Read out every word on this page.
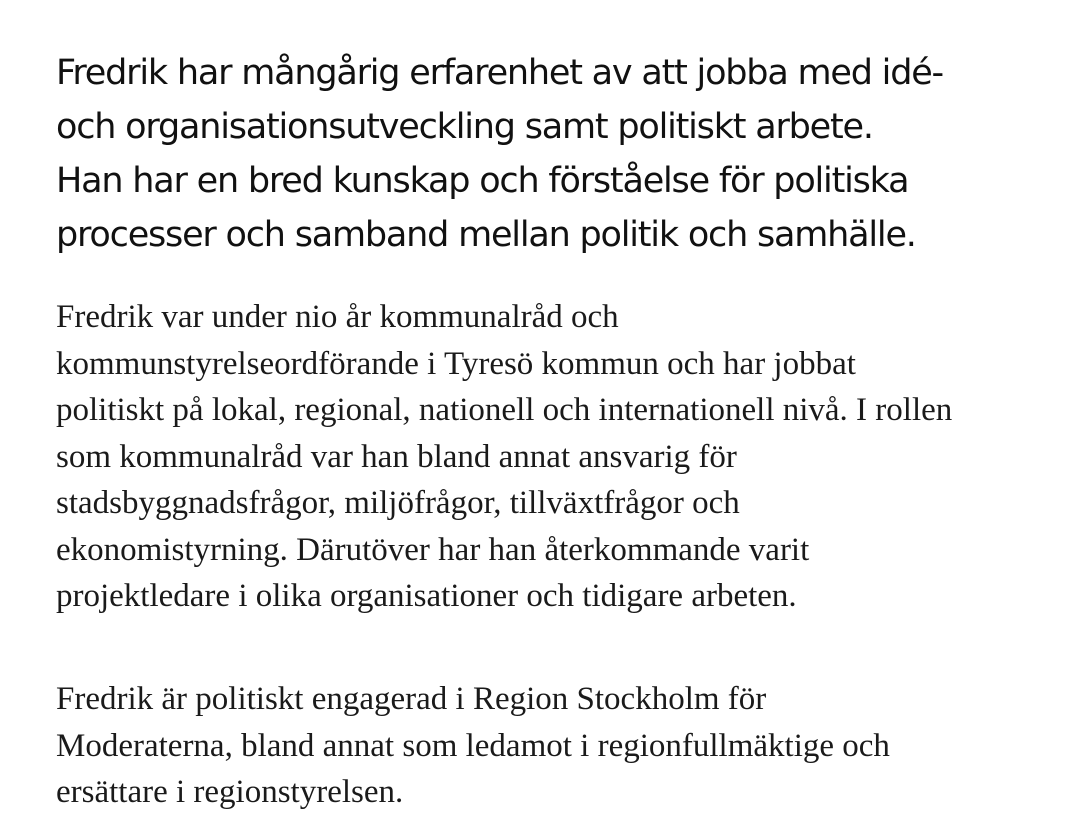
Fredrik har mångårig erfarenhet av att jobba med idé-
och organisationsutveckling samt politiskt arbete.
Han har en bred kunskap och förståelse för politiska
processer och samband mellan politik och samhälle.

Fredrik var under nio år kommunalråd och
kommunstyrelseordförande i Tyresö kommun och har jobbat
politiskt på lokal, regional, nationell och internationell nivå. I rollen
som kommunalråd var han bland annat ansvarig för
stadsbyggnadsfrågor, miljöfrågor, tillväxtfrågor och
ekonomistyrning. Därutöver har han återkommande varit
projektledare i olika organisationer och tidigare arbeten.

Fredrik är politiskt engagerad i Region Stockholm för
Moderaterna, bland annat som ledamot i regionfullmäktige och
ersättare i regionstyrelsen.
